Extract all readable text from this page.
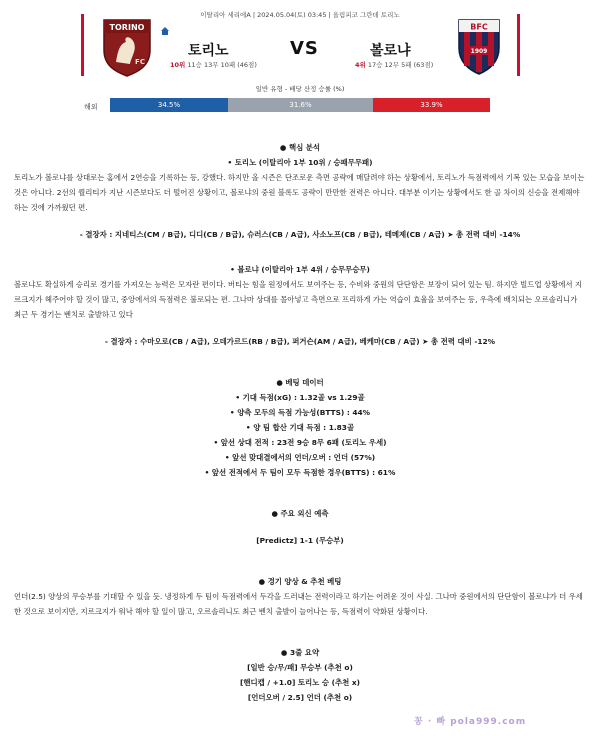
TORINO
FC
이탈리아 세리에A | 2024.05.04(토) 03:45 | 올림피코 그란데 토리노
토리노	VS	볼로냐
10위 11승 13무 10패 (46점)	4위 17승 12무 5패 (63점)
BFC
1909
일반 유형 - 배당 산정 승률 (%)
해외	34.5%	31.6%	33.9%

● 핵심 분석

• 토리노 (이탈리아 1부 10위 / 승패무무패)

토리노가 볼로냐를 상대로는 홈에서 2연승을 기록하는 등, 강했다. 하지만 올 시즌은 단조로운 측면 공략에 매달려야 하는 상황에서, 토리노가 득점력에서 기복 있는 모습을 보이는 것은 아니다. 2선의 퀄리티가 지난 시즌보다도 더 떨어진 상황이고, 볼로냐의 중원 블록도 공략이 만만한 전력은 아니다. 대부분 이기는 상황에서도 한 골 차이의 신승을 전제해야 하는 것에 가까웠던 편.

- 결장자 : 지네티스(CM / B급), 디디(CB / B급), 슈러스(CB / A급), 사소노프(CB / B급), 테메제(CB / A급) ➤ 총 전력 대비 -14%

• 볼로냐 (이탈리아 1부 4위 / 승무무승무)

볼로냐도 확실하게 승리로 경기를 가져오는 능력은 모자란 편이다. 버티는 힘을 원정에서도 보여주는 등, 수비와 중원의 단단함은 보장이 되어 있는 팀. 하지만 빌드업 상황에서 지르크지가 헤주어야 할 것이 많고, 중앙에서의 득점력은 불로되는 편. 그나마 상대를 몰아넣고 측면으로 프리하게 가는 역습이 효율을 보여주는 등, 우측에 배치되는 오르솔리니가 최근 두 경기는 벤치로 출발하고 있다

- 결장자 : 수마오로(CB / A급), 오데가르드(RB / B급), 퍼거슨(AM / A급), 베케마(CB / A급) ➤ 총 전력 대비 -12%

● 베팅 데이터

• 기대 득점(xG) : 1.32골 vs 1.29골

• 양측 모두의 득점 가능성(BTTS) : 44%

• 양 팀 합산 기대 득점 : 1.83골

• 앞선 상대 전적 : 23전 9승 8무 6패 (토리노 우세)

• 앞선 맞대결에서의 언더/오버 : 언더 (57%)

• 앞선 전적에서 두 팀이 모두 득점한 경우(BTTS) : 61%

● 주요 외신 예측

[Predictz] 1-1 (무승부)

● 경기 양상 & 추천 베팅

언더(2.5) 양상의 무승부를 기대할 수 있을 듯. 냉정하게 두 팀이 득점력에서 두각을 드러내는 전력이라고 하기는 어려운 것이 사실. 그나마 중원에서의 단단함이 볼로냐가 더 우세한 것으로 보이지만, 지르크지가 워낙 해야 할 일이 많고, 오르솔리니도 최근 벤치 출발이 늘어나는 등, 득점력이 약화된 상황이다.

● 3줄 요약

[일반 승/무/패] 무승부 (추천 o)

[핸디캡 / +1.0] 토리노 승 (추천 x)

[언더오버 / 2.5] 언더 (추천 o)

꽁 · 빠 pola999.com
